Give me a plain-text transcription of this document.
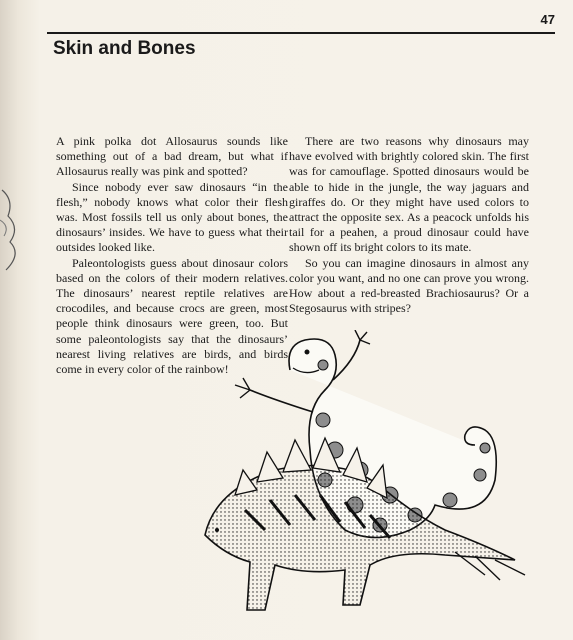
47
Skin and Bones

A pink polka dot Allosaurus sounds like something out of a bad dream, but what if Allosaurus really was pink and spotted?

Since nobody ever saw dinosaurs “in the flesh,” nobody knows what color their flesh was. Most fossils tell us only about bones, the dinosaurs’ insides. We have to guess what their outsides looked like.

Paleontologists guess about dinosaur colors based on the colors of their modern relatives. The dinosaurs’ nearest reptile relatives are crocodiles, and because crocs are green, most people think dinosaurs were green, too. But some paleontologists say that the dinosaurs’ nearest living relatives are birds, and birds come in every color of the rainbow!

There are two reasons why dinosaurs may have evolved with brightly colored skin. The first was for camouflage. Spotted dinosaurs would be able to hide in the jungle, the way jaguars and giraffes do. Or they might have used colors to attract the opposite sex. As a peacock unfolds his tail for a peahen, a proud dinosaur could have shown off its bright colors to its mate.

So you can imagine dinosaurs in almost any color you want, and no one can prove you wrong. How about a red-breasted Brachiosaurus? Or a Stegosaurus with stripes?
